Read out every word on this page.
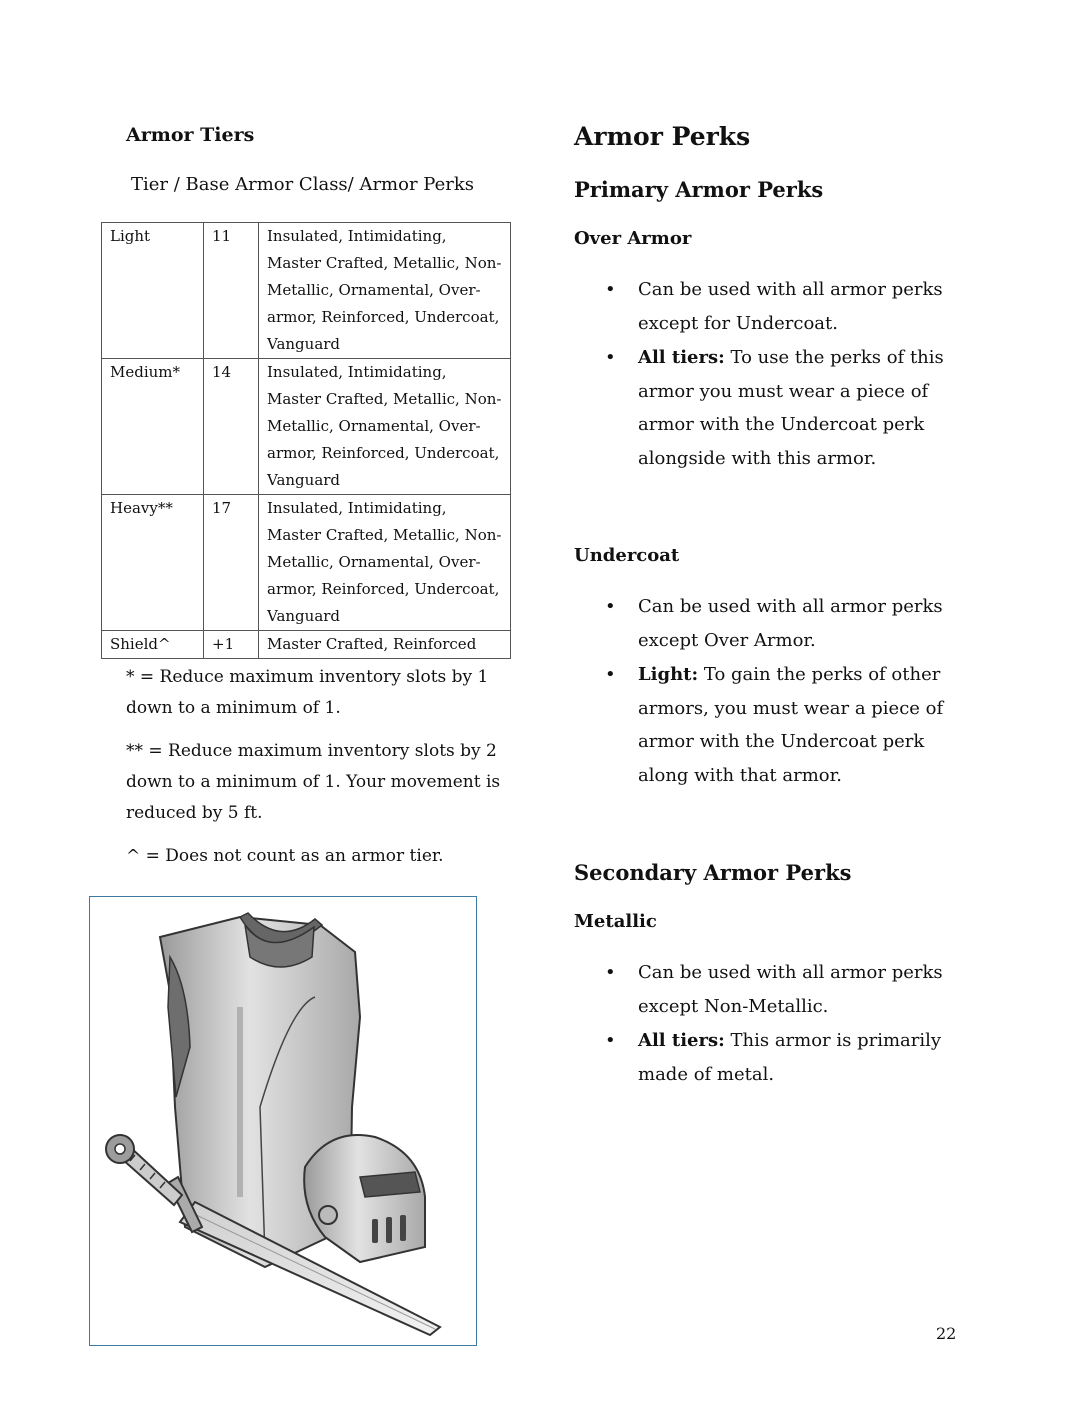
Armor Tiers
Tier / Base Armor Class/ Armor Perks
Light	11	Insulated, Intimidating, Master Crafted, Metallic, Non-Metallic, Ornamental, Over-armor, Reinforced, Undercoat, Vanguard
Medium*	14	Insulated, Intimidating, Master Crafted, Metallic, Non-Metallic, Ornamental, Over-armor, Reinforced, Undercoat, Vanguard
Heavy**	17	Insulated, Intimidating, Master Crafted, Metallic, Non-Metallic, Ornamental, Over-armor, Reinforced, Undercoat, Vanguard
Shield^	+1	Master Crafted, Reinforced

* = Reduce maximum inventory slots by 1 down to a minimum of 1.

** = Reduce maximum inventory slots by 2 down to a minimum of 1. Your movement is reduced by 5 ft.

^ = Does not count as an armor tier.

Armor Perks
Primary Armor Perks
Over Armor
• Can be used with all armor perks except for Undercoat.
• All tiers: To use the perks of this armor you must wear a piece of armor with the Undercoat perk alongside with this armor.
Undercoat
• Can be used with all armor perks except Over Armor.
• Light: To gain the perks of other armors, you must wear a piece of armor with the Undercoat perk along with that armor.
Secondary Armor Perks
Metallic
• Can be used with all armor perks except Non-Metallic.
• All tiers: This armor is primarily made of metal.
22
